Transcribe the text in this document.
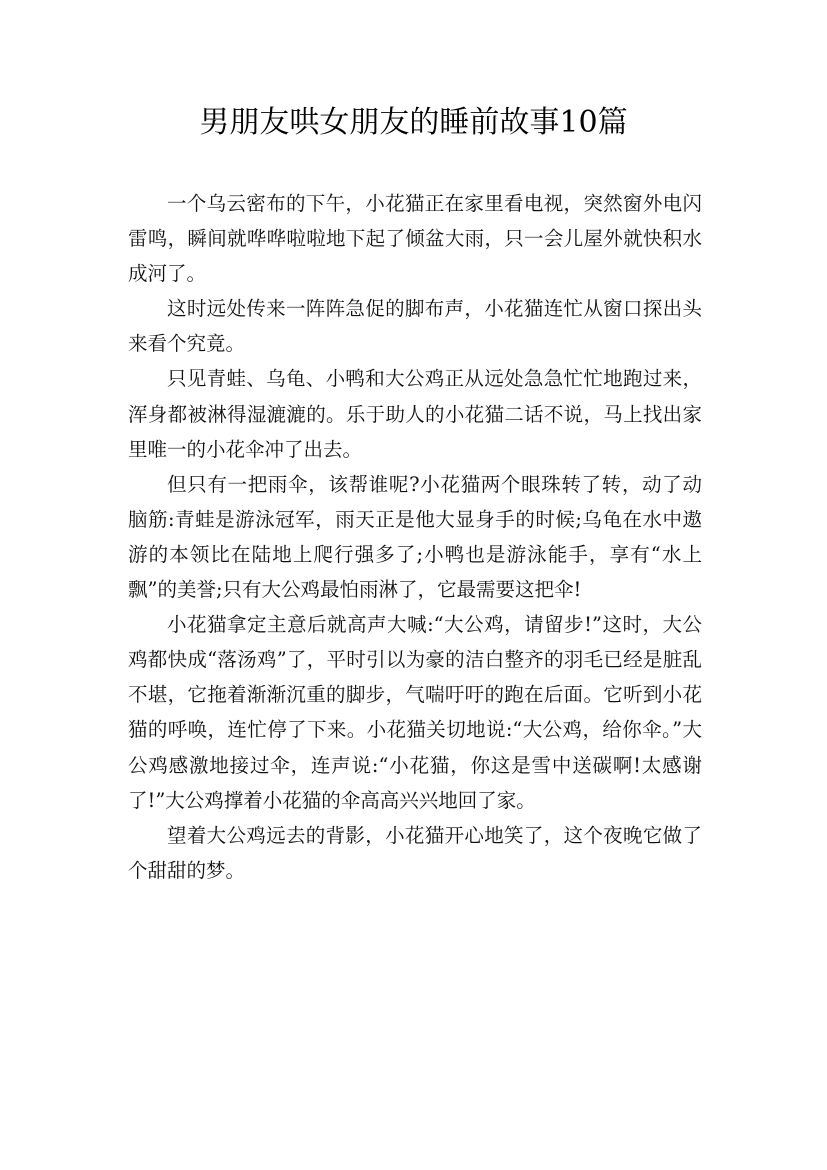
男朋友哄女朋友的睡前故事10篇

一个乌云密布的下午，小花猫正在家里看电视，突然窗外电闪雷鸣，瞬间就哗哗啦啦地下起了倾盆大雨，只一会儿屋外就快积水成河了。

这时远处传来一阵阵急促的脚布声，小花猫连忙从窗口探出头来看个究竟。

只见青蛙、乌龟、小鸭和大公鸡正从远处急急忙忙地跑过来，浑身都被淋得湿漉漉的。乐于助人的小花猫二话不说，马上找出家里唯一的小花伞冲了出去。

但只有一把雨伞，该帮谁呢?小花猫两个眼珠转了转，动了动脑筋:青蛙是游泳冠军，雨天正是他大显身手的时候;乌龟在水中遨游的本领比在陆地上爬行强多了;小鸭也是游泳能手，享有“水上飘”的美誉;只有大公鸡最怕雨淋了，它最需要这把伞!

小花猫拿定主意后就高声大喊:“大公鸡，请留步!”这时，大公鸡都快成“落汤鸡”了，平时引以为豪的洁白整齐的羽毛已经是脏乱不堪，它拖着渐渐沉重的脚步，气喘吁吁的跑在后面。它听到小花猫的呼唤，连忙停了下来。小花猫关切地说:“大公鸡，给你伞。”大公鸡感激地接过伞，连声说:“小花猫，你这是雪中送碳啊!太感谢了!”大公鸡撑着小花猫的伞高高兴兴地回了家。

望着大公鸡远去的背影，小花猫开心地笑了，这个夜晚它做了个甜甜的梦。
